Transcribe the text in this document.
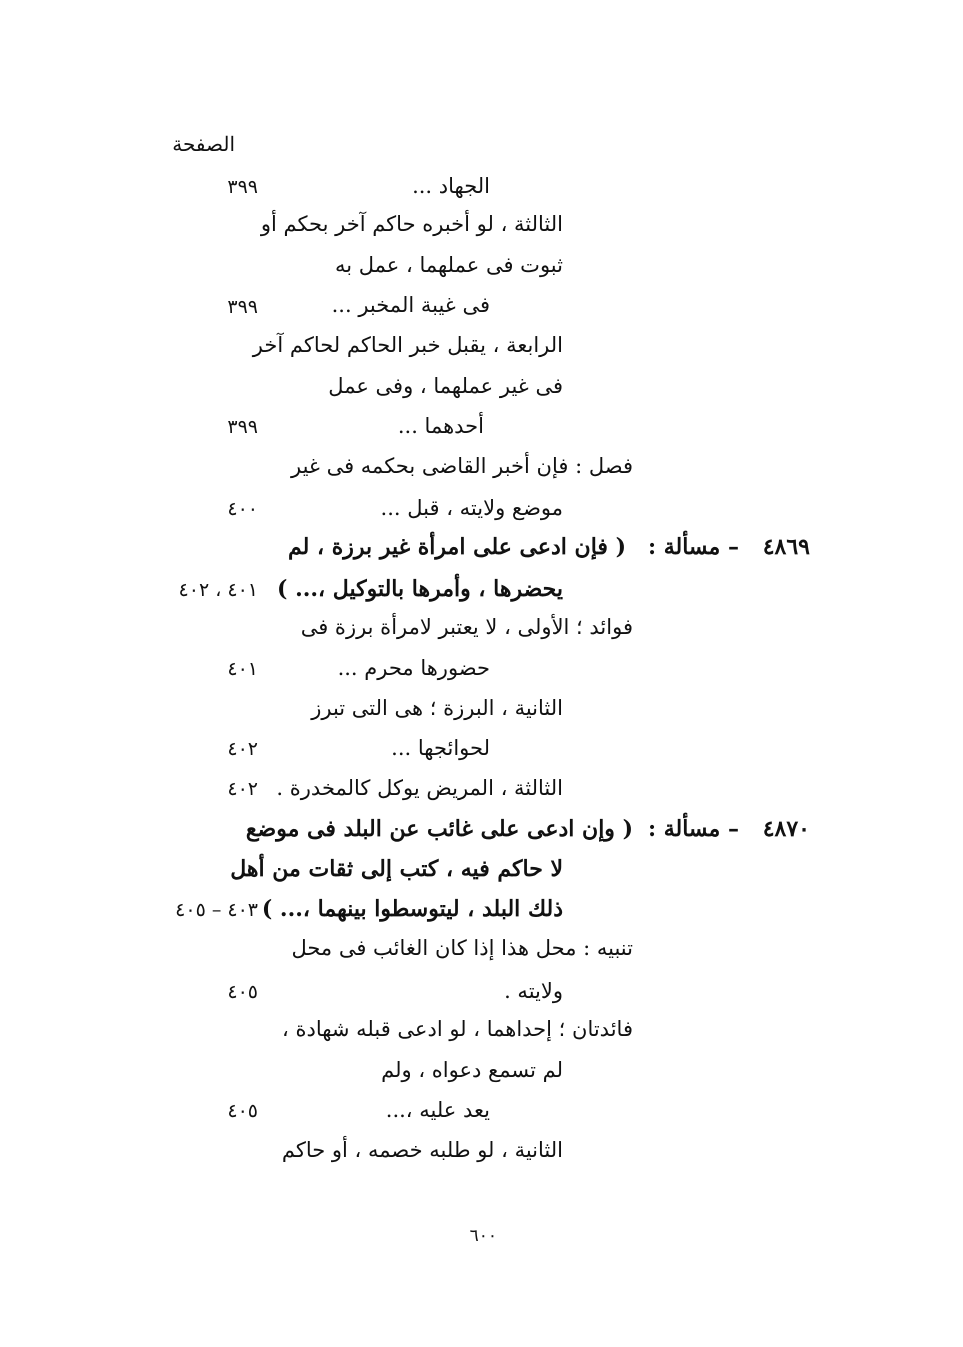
الصفحة
الجهاد ...
٣٩٩
الثالثة ، لو أخبره حاكم آخر بحكم أو
ثبوت فى عملهما ، عمل به
فى غيبة المخبر ...
٣٩٩
الرابعة ، يقبل خبر الحاكم لحاكم آخر
فى غير عملهما ، وفى عمل
أحدهما ...
٣٩٩
فصل : فإن أخبر القاضى بحكمه فى غير
موضع ولايته ، قبل ...
٤٠٠
٤٨٦٩
– مسألة :
( فإن ادعى على امرأة غير برزة ، لم
يحضرها ، وأمرها بالتوكيل ،... )
٤٠١ ، ٤٠٢
فوائد ؛ الأولى ، لا يعتبر لامرأة برزة فى
حضورها محرم ...
٤٠١
الثانية ، البرزة ؛ هى التى تبرز
لحوائجها ...
٤٠٢
الثالثة ، المريض يوكل كالمخدرة .
٤٠٢
٤٨٧٠
– مسألة :
( وإن ادعى على غائب عن البلد فى موضع
لا حاكم فيه ، كتب إلى ثقات من أهل
ذلك البلد ، ليتوسطوا بينهما ،... )
٤٠٣ – ٤٠٥
تنبيه : محل هذا إذا كان الغائب فى محل
ولايته .
٤٠٥
فائدتان ؛ إحداهما ، لو ادعى قبله شهادة ،
لم تسمع دعواه ، ولم
يعد عليه ،...
٤٠٥
الثانية ، لو طلبه خصمه ، أو حاكم
٦٠٠
